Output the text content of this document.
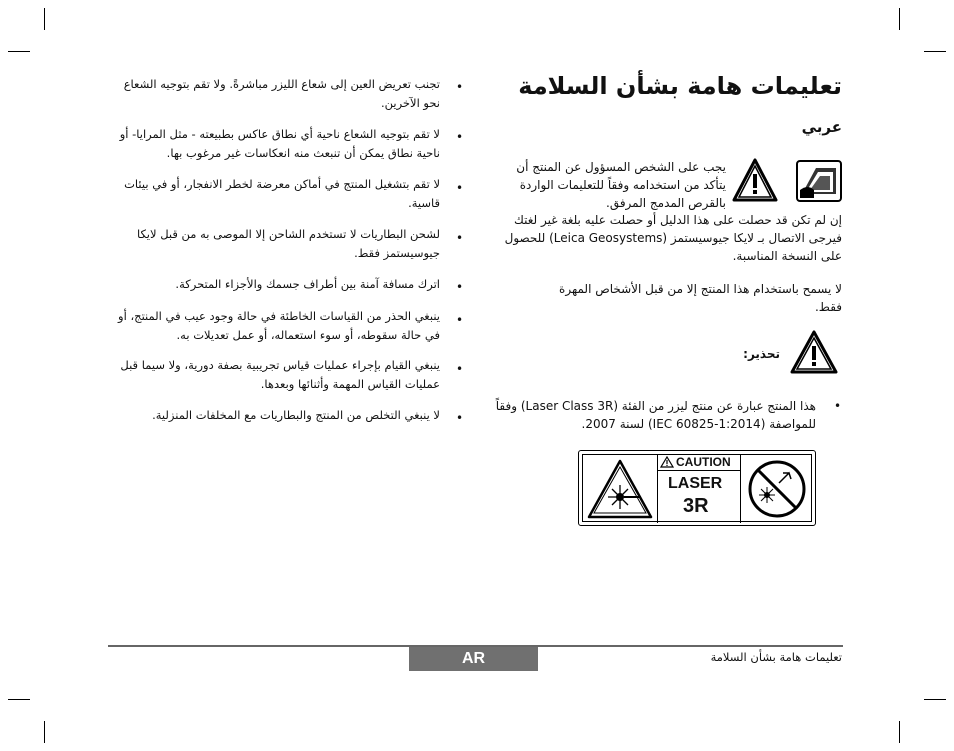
تعليمات هامة بشأن السلامة
عربي
يجب على الشخص المسؤول عن المنتج أن يتأكد من استخدامه وفقاً للتعليمات الواردة بالقرص المدمج المرفق.
إن لم تكن قد حصلت على هذا الدليل أو حصلت عليه بلغة غير لغتك فيرجى الاتصال بـ لايكا جيوسيستمز (Leica Geosystems) للحصول على النسخة المناسبة.
لا يسمح باستخدام هذا المنتج إلا من قبل الأشخاص المهرة فقط.
تحذير:
•
هذا المنتج عبارة عن منتج ليزر من الفئة (Laser Class 3R) وفقاً للمواصفة (IEC 60825-1:2014) لسنة 2007.
CAUTION
LASER
3R
•
تجنب تعريض العين إلى شعاع الليزر مباشرةً. ولا تقم بتوجيه الشعاع نحو الآخرين.
•
لا تقم بتوجيه الشعاع ناحية أي نطاق عاكس بطبيعته - مثل المرايا- أو ناحية نطاق يمكن أن تنبعث منه انعكاسات غير مرغوب بها.
•
لا تقم بتشغيل المنتج في أماكن معرضة لخطر الانفجار، أو في بيئات قاسية.
•
لشحن البطاريات لا تستخدم الشاحن إلا الموصى به من قبل لايكا جيوسيستمز فقط.
•
اترك مسافة آمنة بين أطراف جسمك والأجزاء المتحركة.
•
ينبغي الحذر من القياسات الخاطئة في حالة وجود عيب في المنتج، أو في حالة سقوطه، أو سوء استعماله، أو عمل تعديلات به.
•
ينبغي القيام بإجراء عمليات قياس تجريبية بصفة دورية، ولا سيما قبل عمليات القياس المهمة وأثنائها وبعدها.
•
لا ينبغي التخلص من المنتج والبطاريات مع المخلفات المنزلية.
AR	تعليمات هامة بشأن السلامة
